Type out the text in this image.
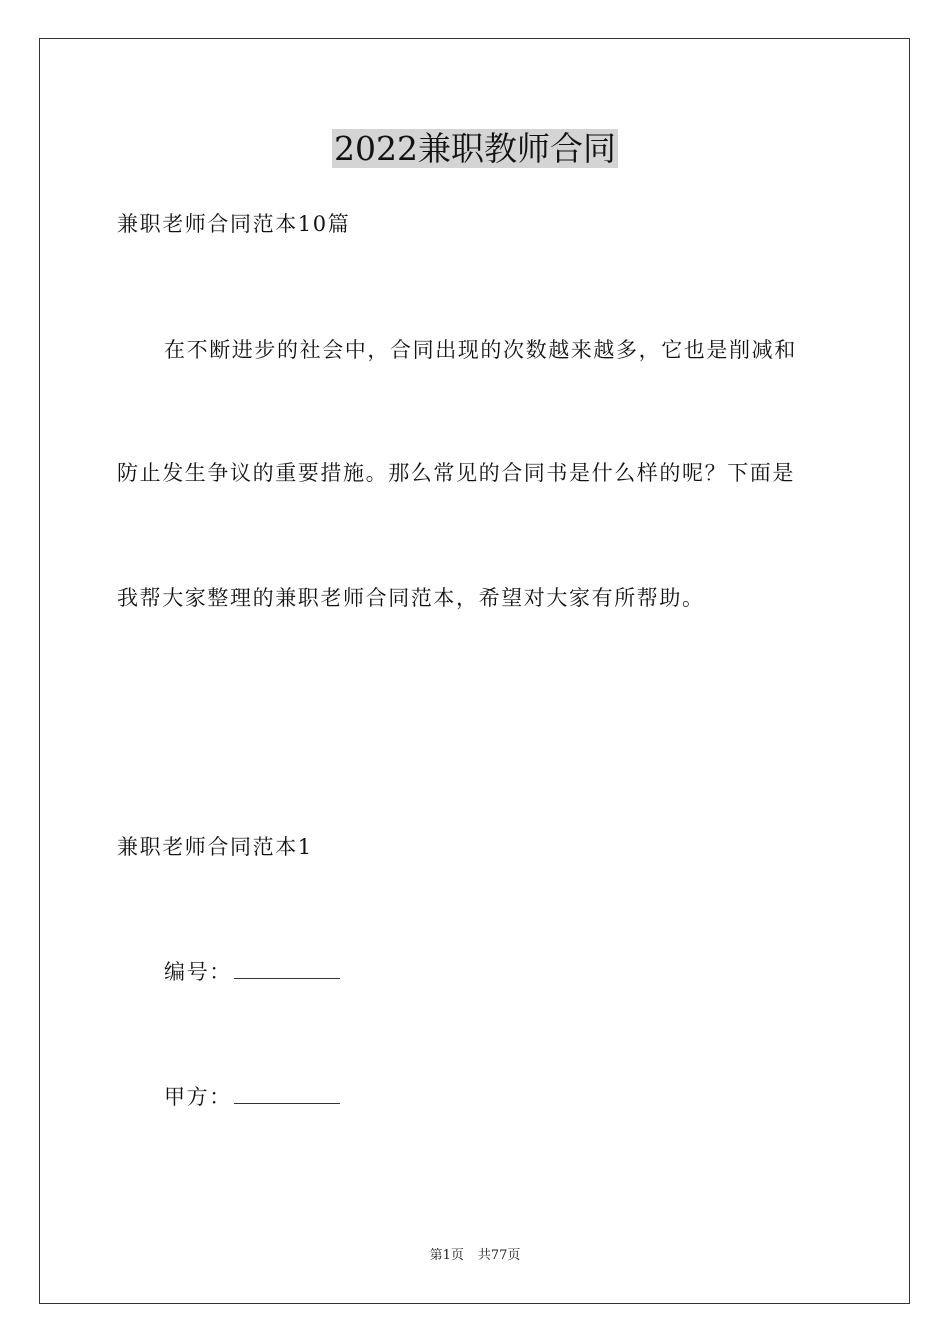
2022兼职教师合同
兼职老师合同范本10篇
在不断进步的社会中，合同出现的次数越来越多，它也是削减和
防止发生争议的重要措施。那么常见的合同书是什么样的呢？下面是
我帮大家整理的兼职老师合同范本，希望对大家有所帮助。
兼职老师合同范本1
编号：
甲方：
第1页 共77页
